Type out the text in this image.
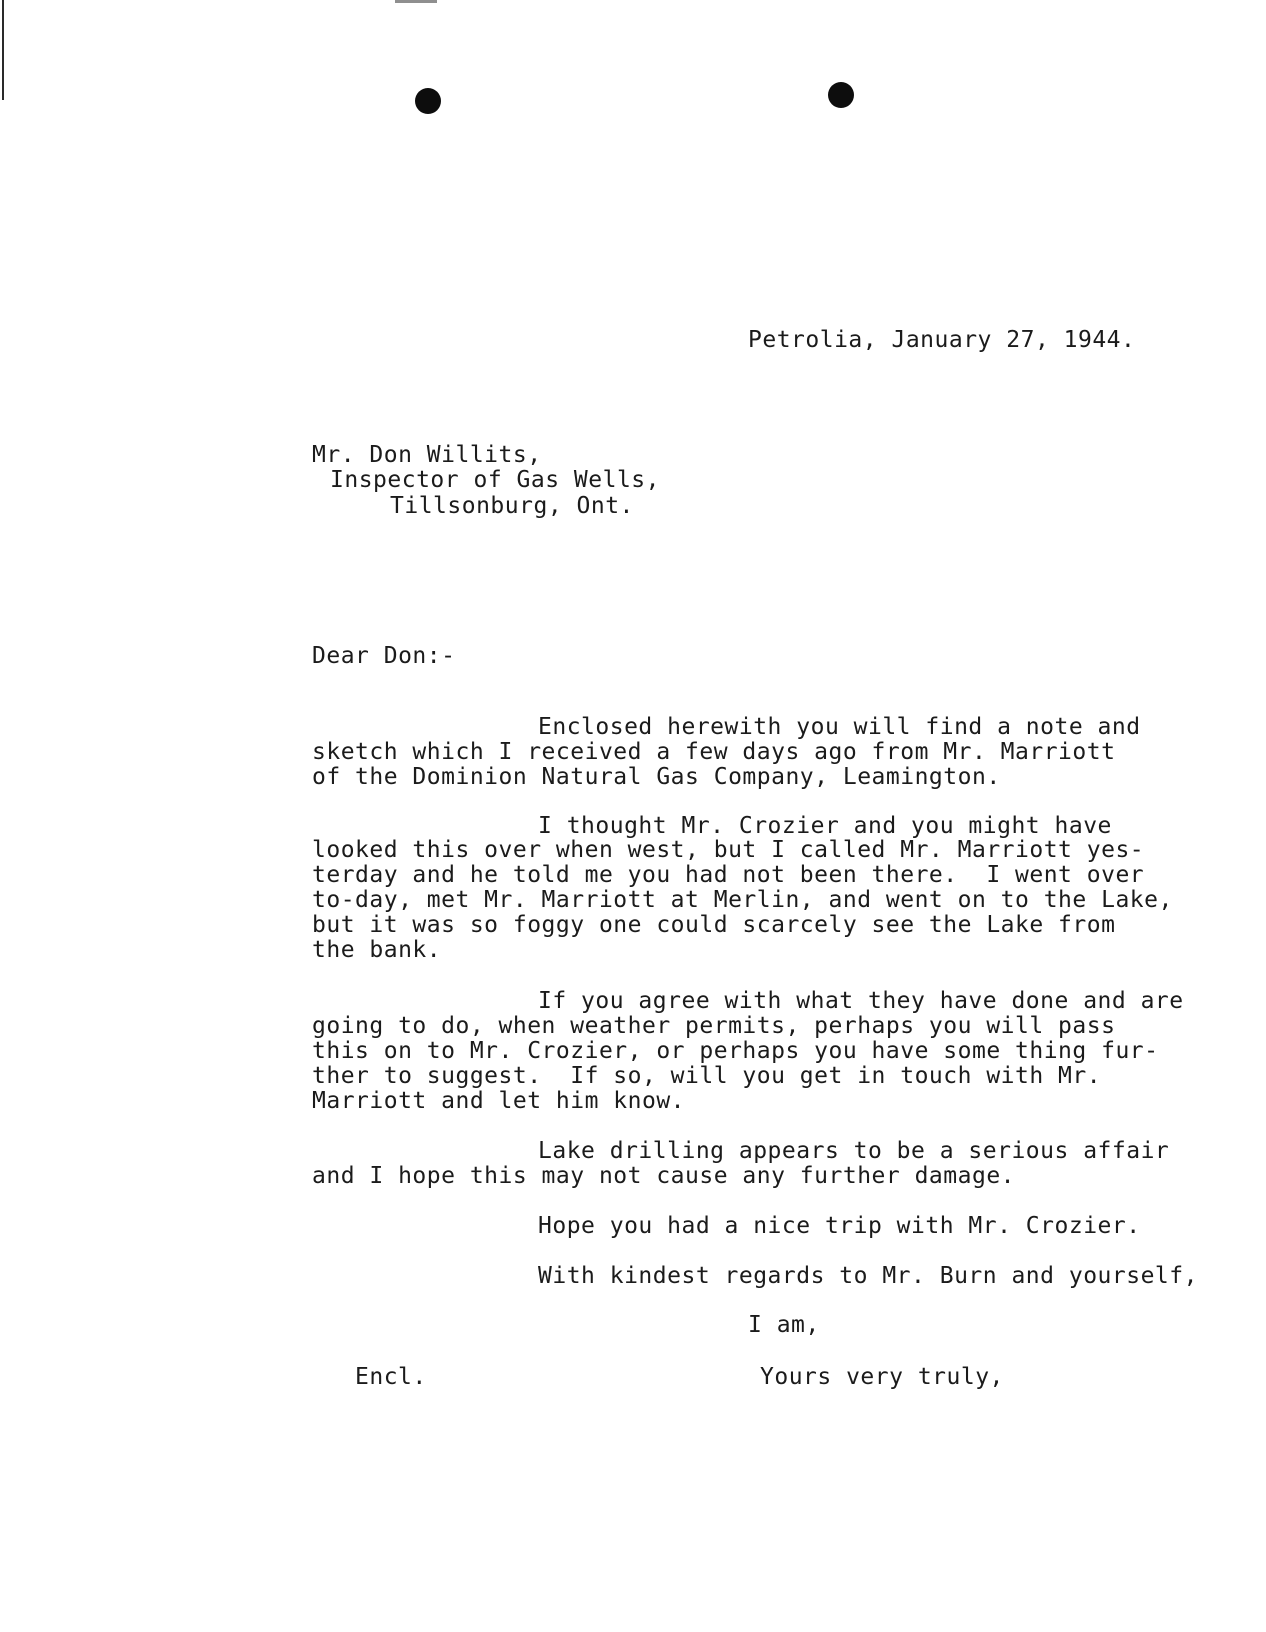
Petrolia, January 27, 1944.

Mr. Don Willits,

Inspector of Gas Wells,

Tillsonburg, Ont.

Dear Don:-

Enclosed herewith you will find a note and

sketch which I received a few days ago from Mr. Marriott

of the Dominion Natural Gas Company, Leamington.

I thought Mr. Crozier and you might have

looked this over when west, but I called Mr. Marriott yes-

terday and he told me you had not been there.  I went over

to-day, met Mr. Marriott at Merlin, and went on to the Lake,

but it was so foggy one could scarcely see the Lake from

the bank.

If you agree with what they have done and are

going to do, when weather permits, perhaps you will pass

this on to Mr. Crozier, or perhaps you have some thing fur-

ther to suggest.  If so, will you get in touch with Mr.

Marriott and let him know.

Lake drilling appears to be a serious affair

and I hope this may not cause any further damage.

Hope you had a nice trip with Mr. Crozier.

With kindest regards to Mr. Burn and yourself,

I am,

Encl.

	Yours very truly,
